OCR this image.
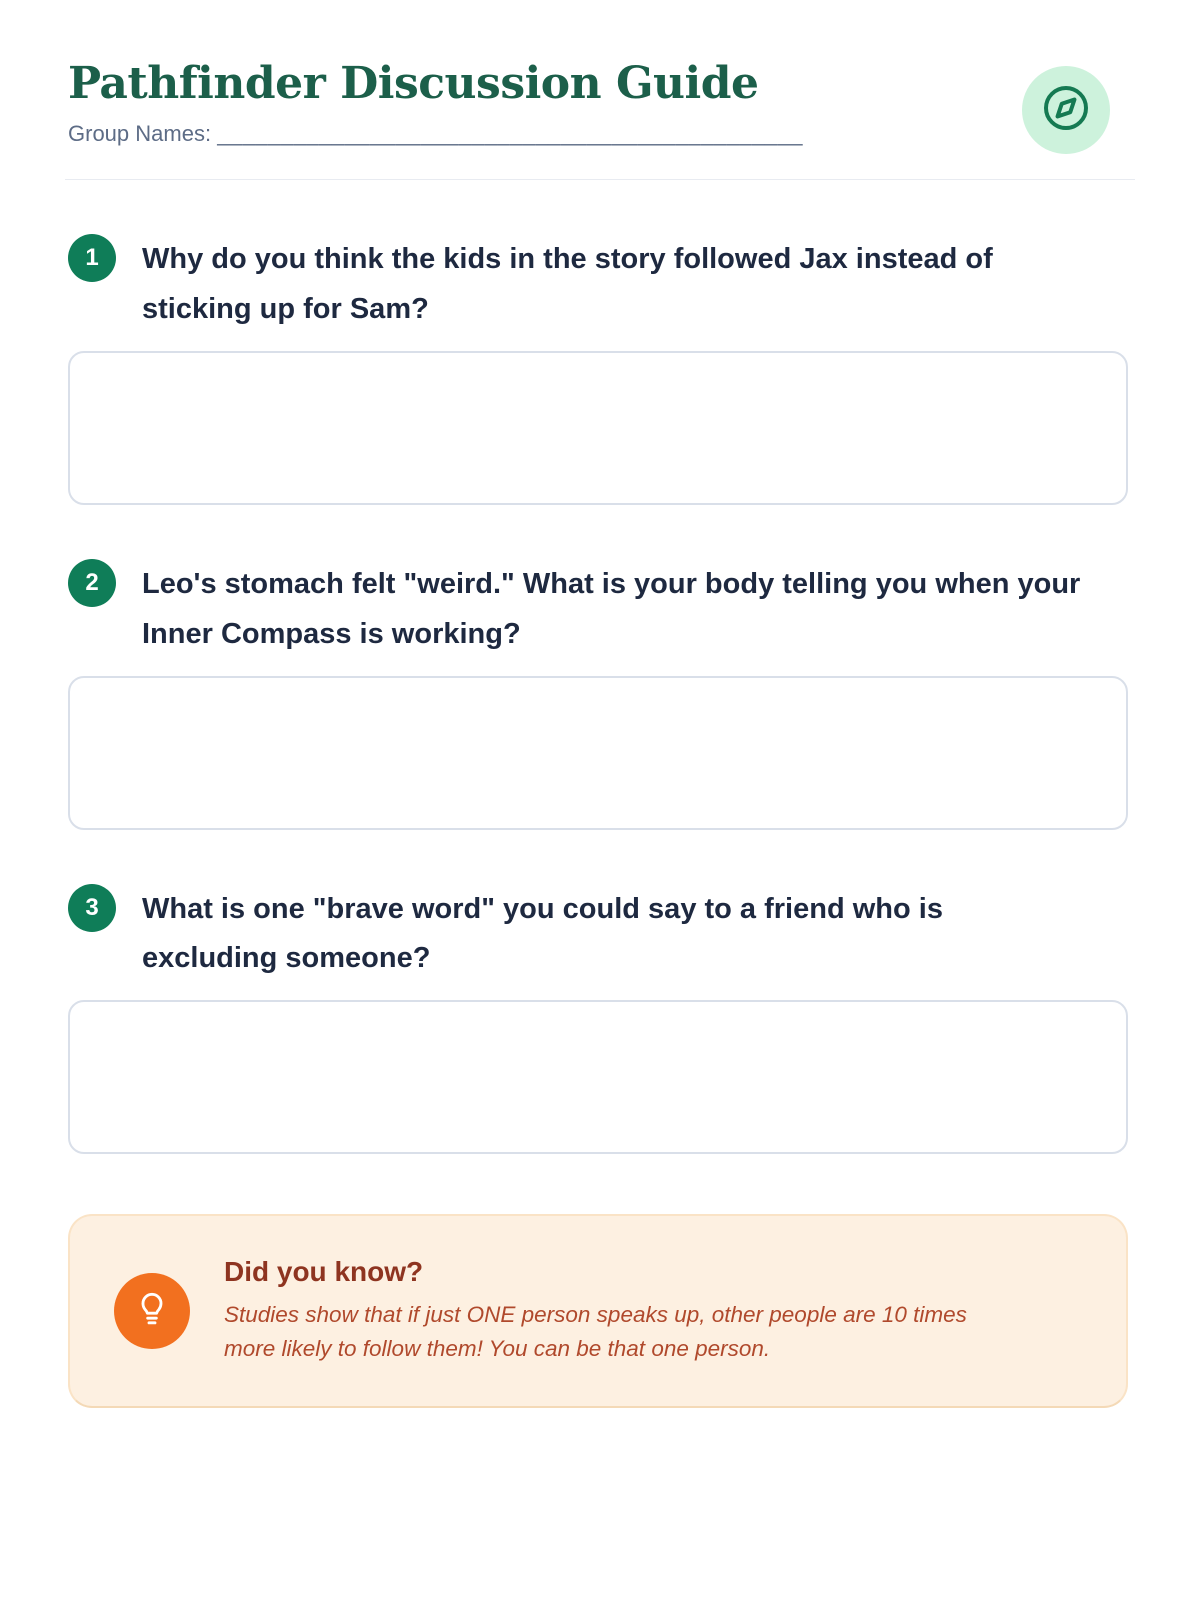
Pathfinder Discussion Guide
Group Names: ______________________________________________
1	Why do you think the kids in the story followed Jax instead of
sticking up for Sam?
2	Leo's stomach felt "weird." What is your body telling you when your
Inner Compass is working?
3	What is one "brave word" you could say to a friend who is
excluding someone?
Did you know?
Studies show that if just ONE person speaks up, other people are 10 times
more likely to follow them! You can be that one person.
